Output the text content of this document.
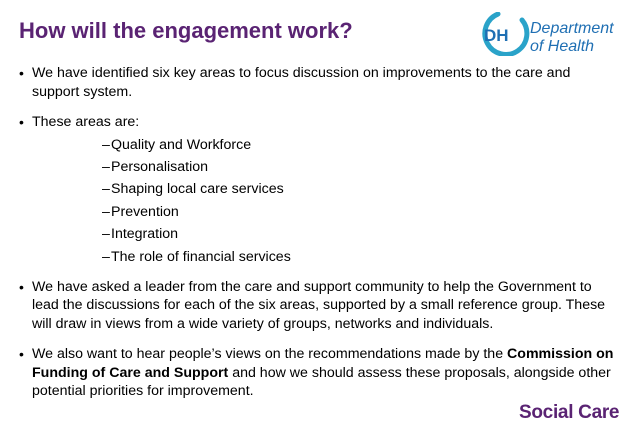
How will the engagement work?	DH Department
of Health
• We have identified six key areas to focus discussion on improvements to the care and support system.
• These areas are:
–Quality and Workforce
–Personalisation
–Shaping local care services
–Prevention
–Integration
–The role of financial services
• We have asked a leader from the care and support community to help the Government to lead the discussions for each of the six areas, supported by a small reference group. These will draw in views from a wide variety of groups, networks and individuals.
• We also want to hear people’s views on the recommendations made by the Commission on Funding of Care and Support and how we should assess these proposals, alongside other potential priorities for improvement.
Social Care
